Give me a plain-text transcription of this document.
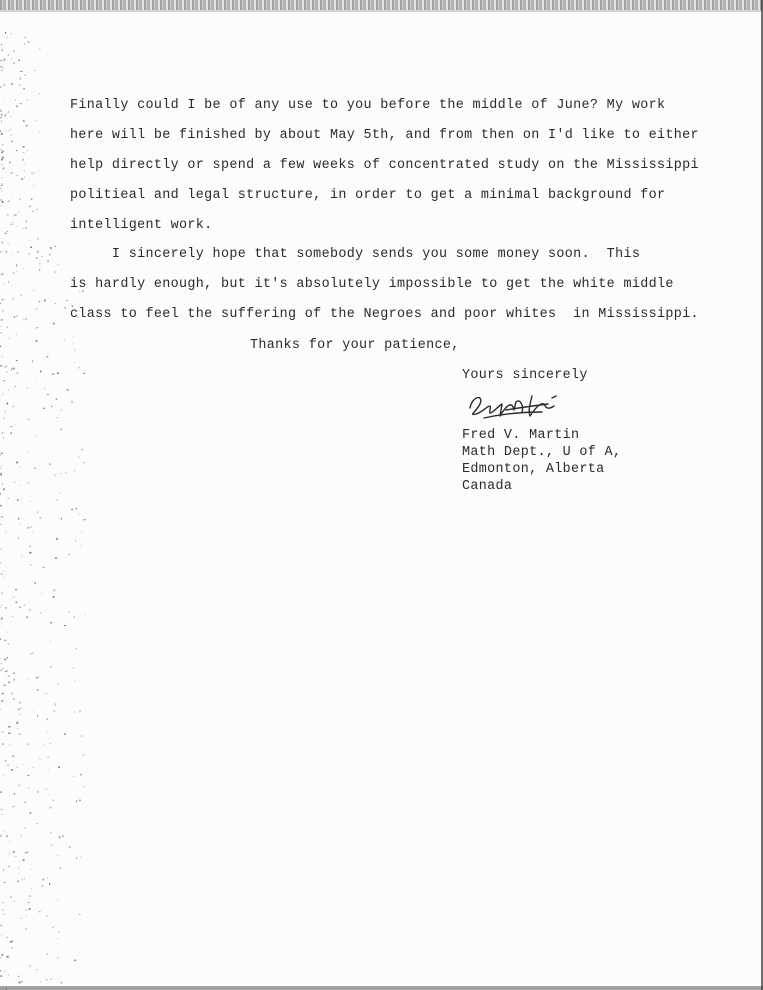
Finally could I be of any use to you before the middle of June? My work
here will be finished by about May 5th, and from then on I'd like to either
help directly or spend a few weeks of concentrated study on the Mississippi
politieal and legal structure, in order to get a minimal background for
intelligent work.
I sincerely hope that somebody sends you some money soon.  This
is hardly enough, but it's absolutely impossible to get the white middle
class to feel the suffering of the Negroes and poor whites  in Mississippi.
Thanks for your patience,
Yours sincerely
Fred V. Martin
Math Dept., U of A,
Edmonton, Alberta
Canada
